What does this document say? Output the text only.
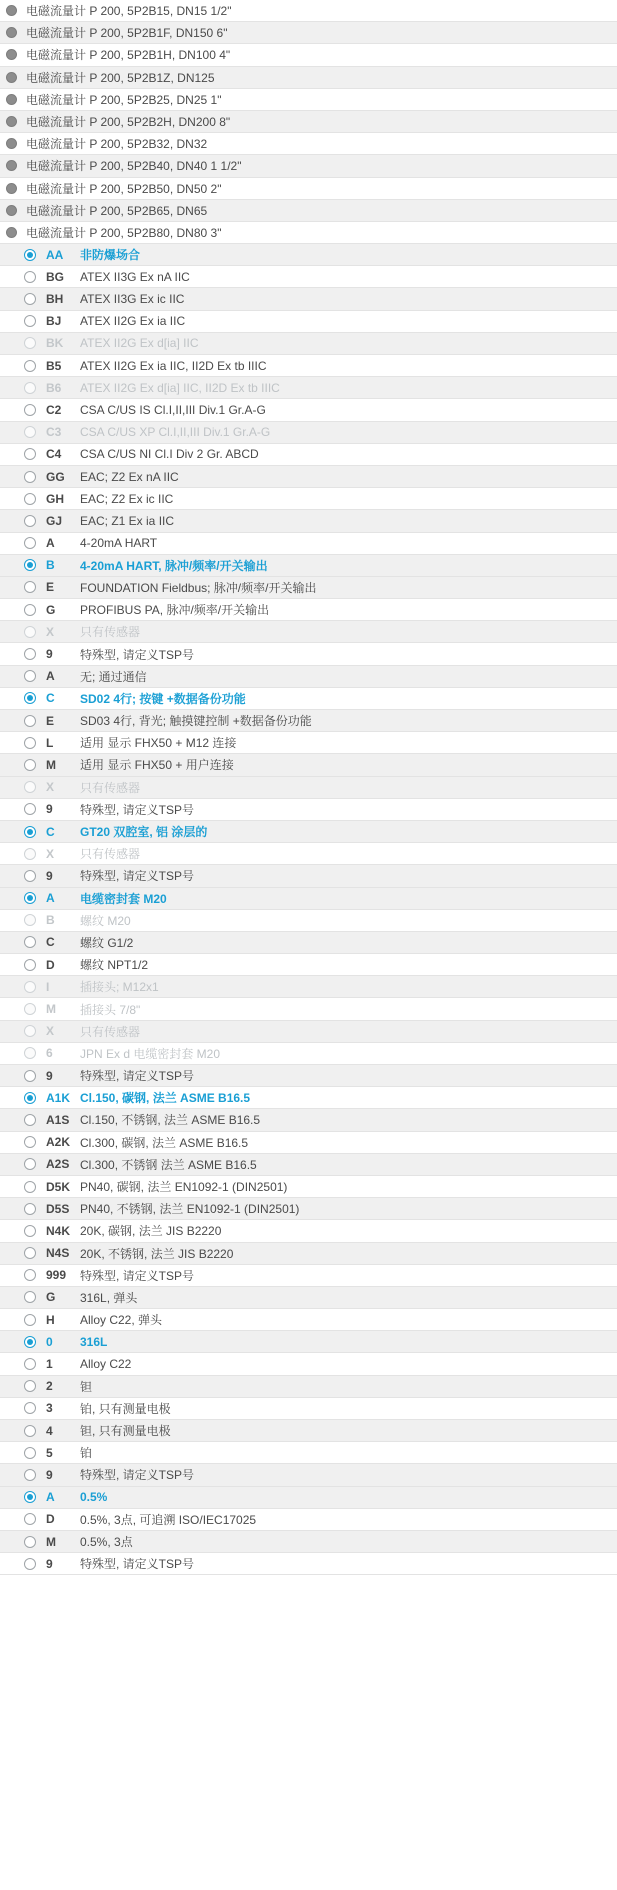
电磁流量计 P 200, 5P2B15, DN15 1/2"
电磁流量计 P 200, 5P2B1F, DN150 6"
电磁流量计 P 200, 5P2B1H, DN100 4"
电磁流量计 P 200, 5P2B1Z, DN125
电磁流量计 P 200, 5P2B25, DN25 1"
电磁流量计 P 200, 5P2B2H, DN200 8"
电磁流量计 P 200, 5P2B32, DN32
电磁流量计 P 200, 5P2B40, DN40 1 1/2"
电磁流量计 P 200, 5P2B50, DN50 2"
电磁流量计 P 200, 5P2B65, DN65
电磁流量计 P 200, 5P2B80, DN80 3"
AA	非防爆场合
BG	ATEX II3G Ex nA IIC
BH	ATEX II3G Ex ic IIC
BJ	ATEX II2G Ex ia IIC
BK	ATEX II2G Ex d[ia] IIC
B5	ATEX II2G Ex ia IIC, II2D Ex tb IIIC
B6	ATEX II2G Ex d[ia] IIC, II2D Ex tb IIIC
C2	CSA C/US IS Cl.I,II,III Div.1 Gr.A-G
C3	CSA C/US XP Cl.I,II,III Div.1 Gr.A-G
C4	CSA C/US NI Cl.I Div 2 Gr. ABCD
GG	EAC; Z2 Ex nA IIC
GH	EAC; Z2 Ex ic IIC
GJ	EAC; Z1 Ex ia IIC
A	4-20mA HART
B	4-20mA HART, 脉冲/频率/开关输出
E	FOUNDATION Fieldbus; 脉冲/频率/开关输出
G	PROFIBUS PA, 脉冲/频率/开关输出
X	只有传感器
9	特殊型, 请定义TSP号
A	无; 通过通信
C	SD02 4行; 按键 +数据备份功能
E	SD03 4行, 背光; 触摸键控制 +数据备份功能
L	适用 显示 FHX50 + M12 连接
M	适用 显示 FHX50 + 用户连接
X	只有传感器
9	特殊型, 请定义TSP号
C	GT20 双腔室, 铝 涂层的
X	只有传感器
9	特殊型, 请定义TSP号
A	电缆密封套 M20
B	螺纹 M20
C	螺纹 G1/2
D	螺纹 NPT1/2
I	插接头; M12x1
M	插接头 7/8"
X	只有传感器
6	JPN Ex d 电缆密封套 M20
9	特殊型, 请定义TSP号
A1K Cl.150, 碳钢, 法兰 ASME B16.5
A1S Cl.150, 不锈钢, 法兰 ASME B16.5
A2K Cl.300, 碳钢, 法兰 ASME B16.5
A2S Cl.300, 不锈钢 法兰 ASME B16.5
D5K PN40, 碳钢, 法兰 EN1092-1 (DIN2501)
D5S PN40, 不锈钢, 法兰 EN1092-1 (DIN2501)
N4K 20K, 碳钢, 法兰 JIS B2220
N4S 20K, 不锈钢, 法兰 JIS B2220
999	特殊型, 请定义TSP号
G	316L, 弹头
H	Alloy C22, 弹头
0	316L
1	Alloy C22
2	钽
3	铂, 只有测量电极
4	钽, 只有测量电极
5	铂
9	特殊型, 请定义TSP号
A	0.5%
D	0.5%, 3点, 可追溯 ISO/IEC17025
M	0.5%, 3点
9	特殊型, 请定义TSP号
